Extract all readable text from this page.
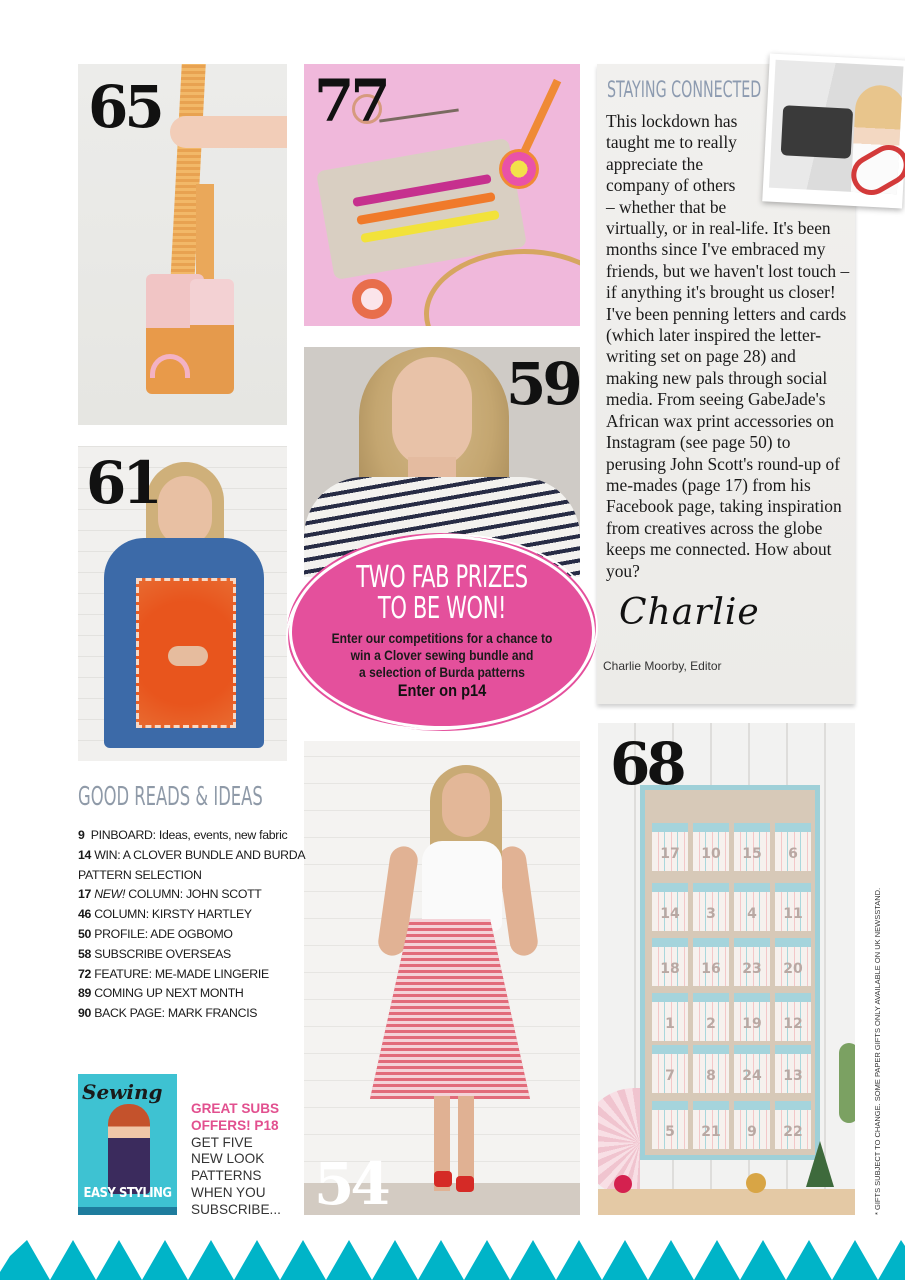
65	77
59
61
54
TWO FAB PRIZES
TO BE WON!
Enter our competitions for a chance to
win a Clover sewing bundle and
a selection of Burda patterns
Enter on p14
STAYING CONNECTED
This lockdown has
taught me to really
appreciate the
company of others
– whether that be
virtually, or in real-life. It's been months since I've embraced my friends, but we haven't lost touch – if anything it's brought us closer! I've been penning letters and cards (which later inspired the letter-writing set on page 28) and making new pals through social media. From seeing GabeJade's African wax print accessories on Instagram (see page 50) to perusing John Scott's round-up of me-mades (page 17) from his Facebook page, taking inspiration from creatives across the globe keeps me connected. How about you?
Charlie
Charlie Moorby, Editor
17	10	15	6
14	3	4	11
18	16	23	20
1	2	19	12
7	8	24	13
5	21	9	22
68
GOOD READS & IDEAS
9 PINBOARD: Ideas, events, new fabric
14 WIN: A CLOVER BUNDLE AND BURDA PATTERN SELECTION
17 NEW! COLUMN: JOHN SCOTT
46 COLUMN: KIRSTY HARTLEY
50 PROFILE: ADE OGBOMO
58 SUBSCRIBE OVERSEAS
72 FEATURE: ME-MADE LINGERIE
89 COMING UP NEXT MONTH
90 BACK PAGE: MARK FRANCIS
Sewing
EASY STYLING
GREAT SUBS
OFFERS! P18
GET FIVE
NEW LOOK
PATTERNS
WHEN YOU
SUBSCRIBE...	* GIFTS SUBJECT TO CHANGE. SOME PAPER GIFTS ONLY AVAILABLE ON UK NEWSSTAND.
